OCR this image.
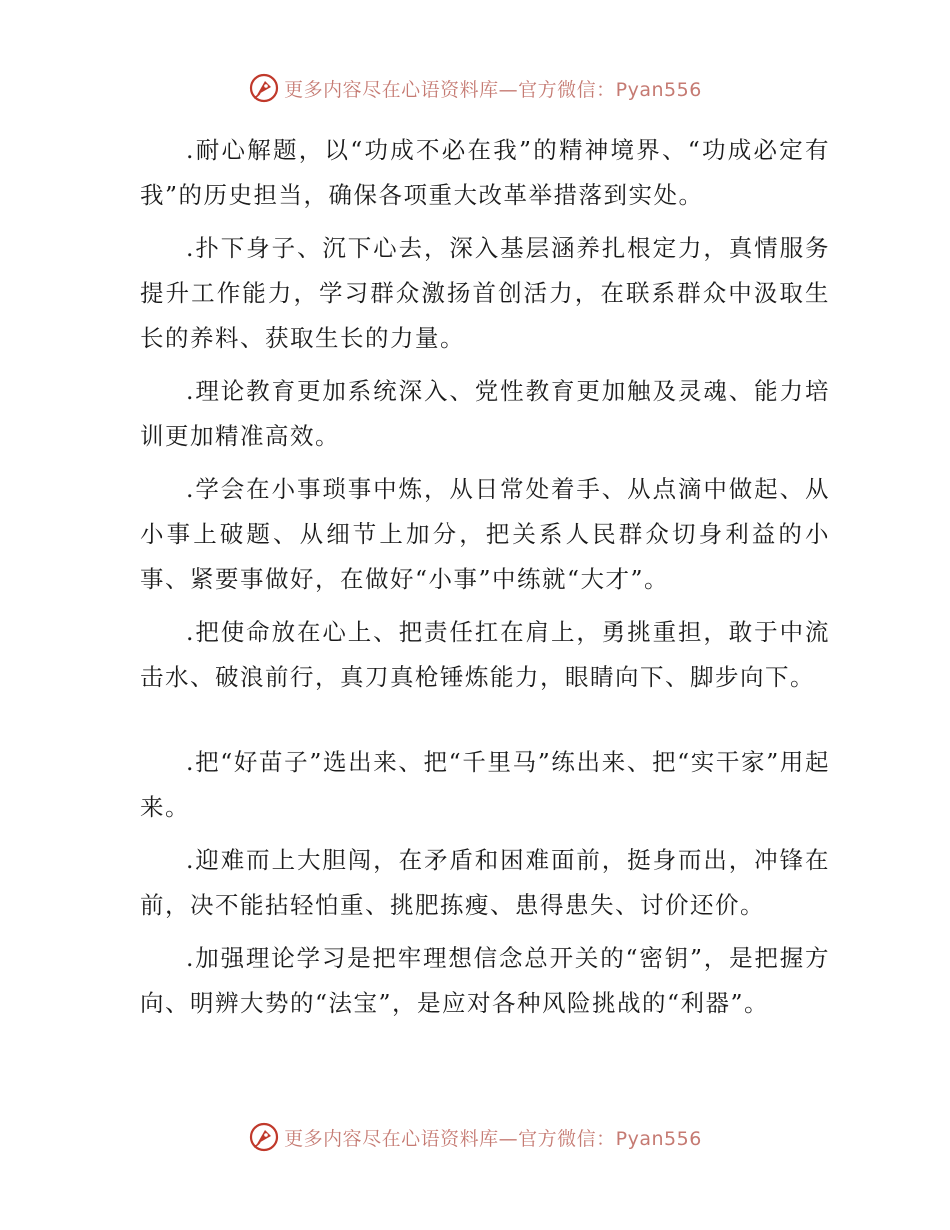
更多内容尽在心语资料库—官方微信：Pyan556

.耐心解题，以“功成不必在我”的精神境界、“功成必定有我”的历史担当，确保各项重大改革举措落到实处。

.扑下身子、沉下心去，深入基层涵养扎根定力，真情服务提升工作能力，学习群众激扬首创活力，在联系群众中汲取生长的养料、获取生长的力量。

.理论教育更加系统深入、党性教育更加触及灵魂、能力培训更加精准高效。

.学会在小事琐事中炼，从日常处着手、从点滴中做起、从小事上破题、从细节上加分，把关系人民群众切身利益的小事、紧要事做好，在做好“小事”中练就“大才”。

.把使命放在心上、把责任扛在肩上，勇挑重担，敢于中流击水、破浪前行，真刀真枪锤炼能力，眼睛向下、脚步向下。

.把“好苗子”选出来、把“千里马”练出来、把“实干家”用起来。

.迎难而上大胆闯，在矛盾和困难面前，挺身而出，冲锋在前，决不能拈轻怕重、挑肥拣瘦、患得患失、讨价还价。

.加强理论学习是把牢理想信念总开关的“密钥”，是把握方向、明辨大势的“法宝”，是应对各种风险挑战的“利器”。

更多内容尽在心语资料库—官方微信：Pyan556
